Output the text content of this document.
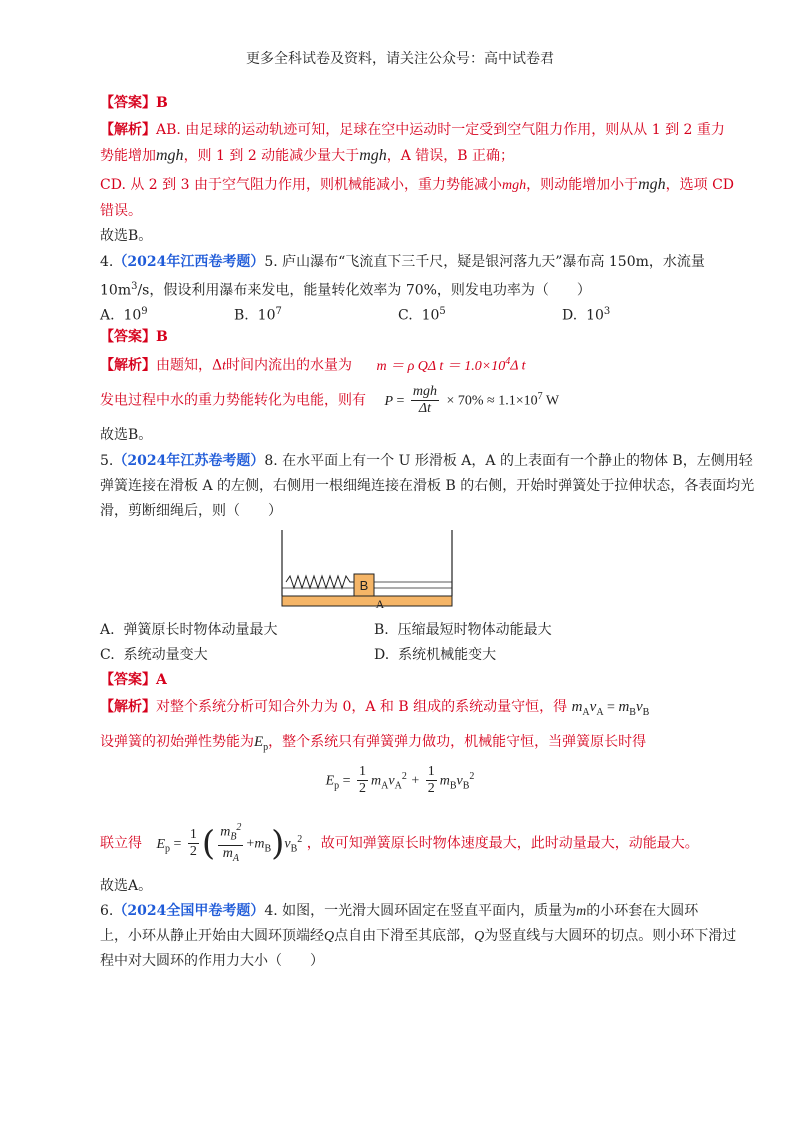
更多全科试卷及资料，请关注公众号：高中试卷君
【答案】B
【解析】AB. 由足球的运动轨迹可知，足球在空中运动时一定受到空气阻力作用，则从从 1 到 2 重力
势能增加mgh，则 1 到 2 动能减少量大于mgh，A 错误，B 正确；
CD. 从 2 到 3 由于空气阻力作用，则机械能减小，重力势能减小mgh，则动能增加小于mgh，选项 CD
错误。
故选B。
4.（2024年江西卷考题）5. 庐山瀑布“飞流直下三千尺，疑是银河落九天”瀑布高 150m，水流量
$10m^3/s$，假设利用瀑布来发电，能量转化效率为 70%，则发电功率为（　　）
A. $10^9$	B. $10^7$	C. $10^5$	D. $10^3$
【答案】B
【解析】由题知，Δt时间内流出的水量为 m ＝ ρ QΔ $t = 1.0\times 10^4\Delta$ t
发电过程中水的重力势能转化为电能，则有 $P = \frac{\text{mgh}}{\Delta t} \times 70\% \approx 1.1\times 10^7$ W
故选B。
5.（2024年江苏卷考题）8. 在水平面上有一个 U 形滑板 A，A 的上表面有一个静止的物体 B，左侧用轻
弹簧连接在滑板 A 的左侧，右侧用一根细绳连接在滑板 B 的右侧，开始时弹簧处于拉伸状态，各表面均光
滑，剪断细绳后，则（　　）
A
B
A. 弹簧原长时物体动量最大	B. 压缩最短时物体动能最大
C. 系统动量变大	D. 系统机械能变大
【答案】A
【解析】对整个系统分析可知合外力为 0，A 和 B 组成的系统动量守恒，得 $m_Av_A = m_Bv_B$
设弹簧的初始弹性势能为$E_p$，整个系统只有弹簧弹力做功，机械能守恒，当弹簧原长时得
$E_p = \frac{1}{2} m_Av_A^2 + \frac{1}{2} m_Bv_B^2$
联立得 $E_p = \frac{1}{2}$ ( $\frac{m_B^2}{m_A} +m_B)v_B^2$ ，故可知弹簧原长时物体速度最大，此时动量最大，动能最大。
故选A。
6.（2024全国甲卷考题）4. 如图，一光滑大圆环固定在竖直平面内，质量为m的小环套在大圆环
上，小环从静止开始由大圆环顶端经Q点自由下滑至其底部，Q为竖直线与大圆环的切点。则小环下滑过
程中对大圆环的作用力大小（　　）
